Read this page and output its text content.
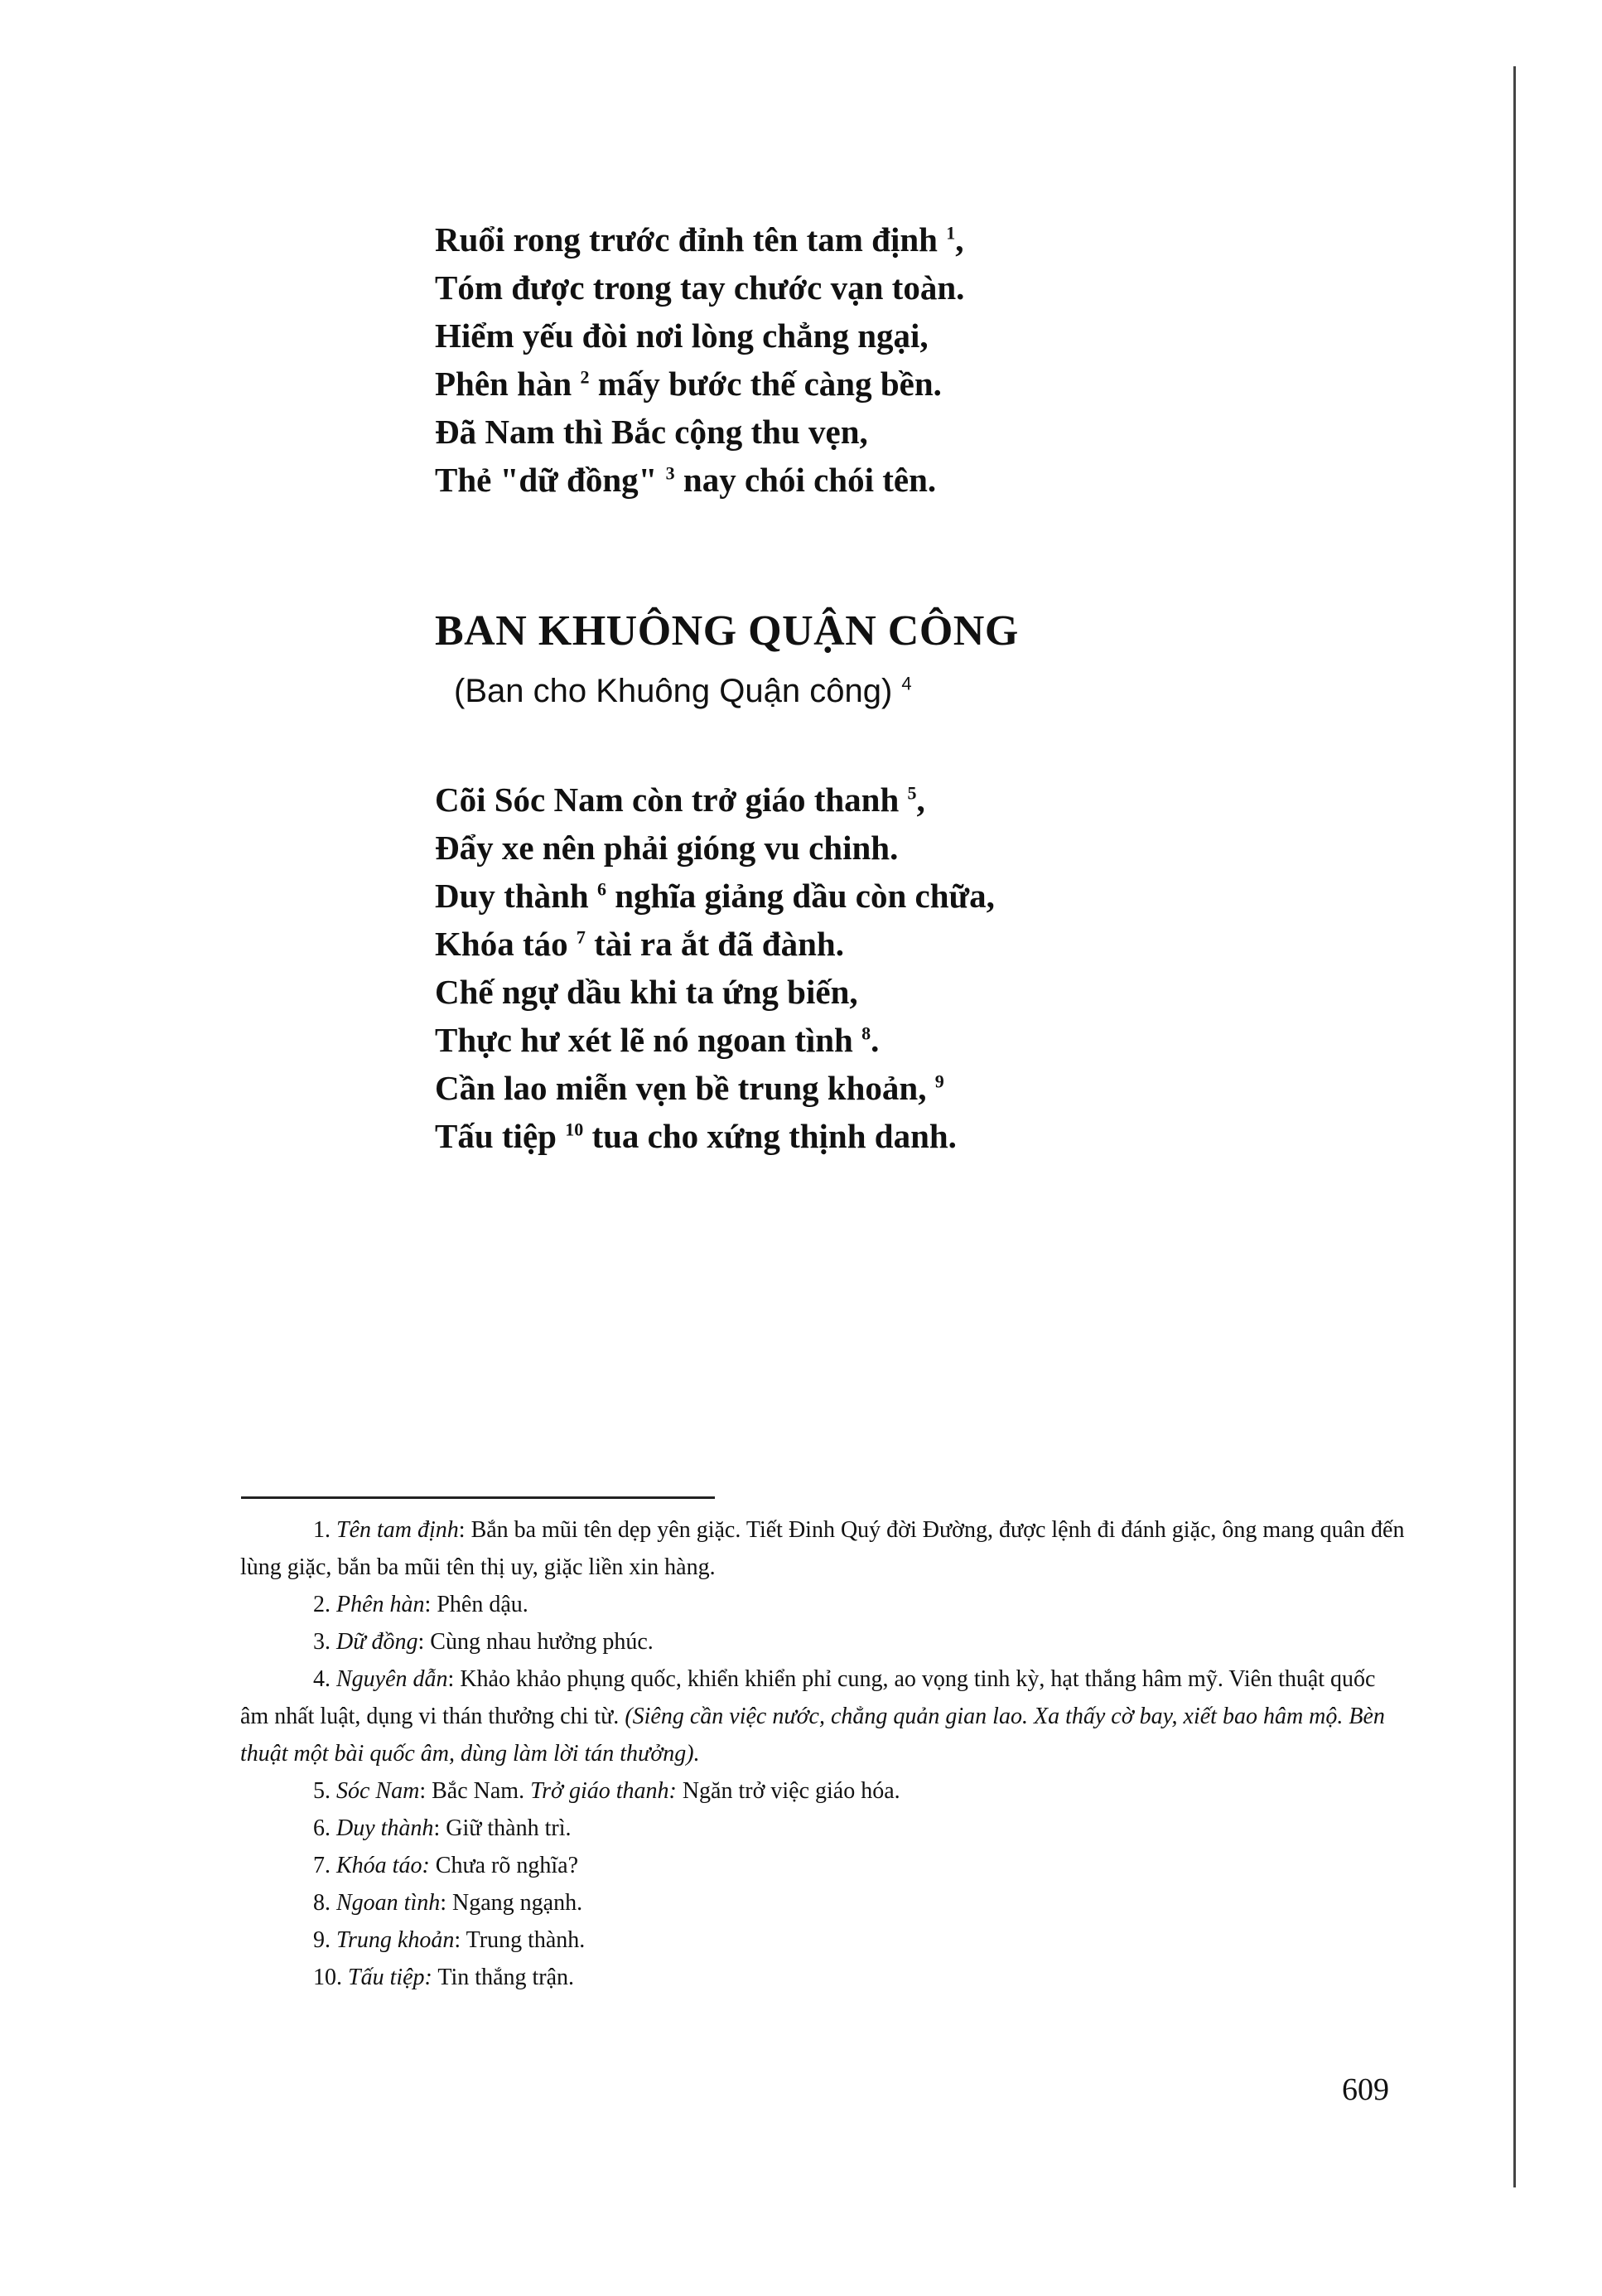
Ruổi rong trước đỉnh tên tam định $^1$,
Tóm được trong tay chước vạn toàn.
Hiểm yếu đòi nơi lòng chẳng ngại,
Phên hàn $^2$ mấy bước thế càng bền.
Đã Nam thì Bắc cộng thu vẹn,
Thẻ "dữ đồng" $^3$ nay chói chói tên.
BAN KHUÔNG QUẬN CÔNG
(Ban cho Khuông Quận công) $^4$
Cõi Sóc Nam còn trở giáo thanh $^5$,
Đẩy xe nên phải gióng vu chinh.
Duy thành $^6$ nghĩa giảng dầu còn chữa,
Khóa táo $^7$ tài ra ắt đã đành.
Chế ngự dầu khi ta ứng biến,
Thực hư xét lẽ nó ngoan tình $^8$.
Cần lao miễn vẹn bề trung khoản, $^9$
Tấu tiệp $^{10}$ tua cho xứng thịnh danh.

1. Tên tam định: Bắn ba mũi tên dẹp yên giặc. Tiết Đinh Quý đời Đường, được lệnh đi đánh giặc, ông mang quân đến lùng giặc, bắn ba mũi tên thị uy, giặc liền xin hàng.

2. Phên hàn: Phên dậu.

3. Dữ đồng: Cùng nhau hưởng phúc.

4. Nguyên dẫn: Khảo khảo phụng quốc, khiển khiển phỉ cung, ao vọng tinh kỳ, hạt thắng hâm mỹ. Viên thuật quốc âm nhất luật, dụng vi thán thưởng chi từ. (Siêng cần việc nước, chẳng quản gian lao. Xa thấy cờ bay, xiết bao hâm mộ. Bèn thuật một bài quốc âm, dùng làm lời tán thưởng).

5. Sóc Nam: Bắc Nam. Trở giáo thanh: Ngăn trở việc giáo hóa.

6. Duy thành: Giữ thành trì.

7. Khóa táo: Chưa rõ nghĩa?

8. Ngoan tình: Ngang ngạnh.

9. Trung khoản: Trung thành.

10. Tấu tiệp: Tin thắng trận.

609
